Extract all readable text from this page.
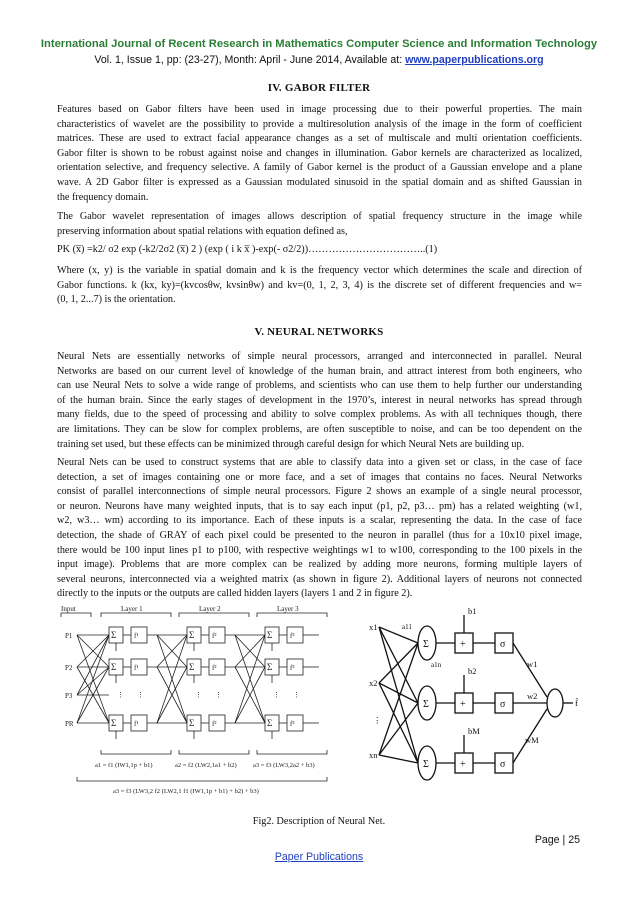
International Journal of Recent Research in Mathematics Computer Science and Information Technology
Vol. 1, Issue 1, pp: (23-27), Month: April - June 2014, Available at: www.paperpublications.org
IV. GABOR FILTER
Features based on Gabor filters have been used in image processing due to their powerful properties. The main
characteristics of wavelet are the possibility to provide a multiresolution analysis of the image in the form of coefficient
matrices. These are used to extract facial appearance changes as a set of multiscale and multi orientation coefficients.
Gabor filter is shown to be robust against noise and changes in illumination. Gabor kernels are characterized as localized,
orientation selective, and frequency selective. A family of Gabor kernel is the product of a Gaussian envelope and a plane
wave. A 2D Gabor filter is expressed as a Gaussian modulated sinusoid in the spatial domain and as shifted Gaussian in
the frequency domain.
The Gabor wavelet representation of images allows description of spatial frequency structure in the image while
preserving information about spatial relations with equation defined as,
PK (x̅) =k2/ σ2 exp (-k2/2σ2 (x̅) 2 ) (exp ( i k x̅ )-exp(- σ2/2))……………………………..(1)
Where (x, y) is the variable in spatial domain and k is the frequency vector which determines the scale and direction of
Gabor functions. k (kx, ky)=(kvcosθw, kvsinθw) and kv=(0, 1, 2, 3, 4) is the discrete set of different frequencies and w=
(0, 1, 2...7) is the orientation.
V. NEURAL NETWORKS
Neural Nets are essentially networks of simple neural processors, arranged and interconnected in parallel. Neural
Networks are based on our current level of knowledge of the human brain, and attract interest from both engineers, who
can use Neural Nets to solve a wide range of problems, and scientists who can use them to help further our understanding
of the human brain. Since the early stages of development in the 1970’s, interest in neural networks has spread through
many fields, due to the speed of processing and ability to solve complex problems. As with all techniques though, there
are limitations. They can be slow for complex problems, are often susceptible to noise, and can be too dependent on the
training set used, but these effects can be minimized through careful design for which Neural Nets are building up.
Neural Nets can be used to construct systems that are able to classify data into a given set or class, in the case of face
detection, a set of images containing one or more face, and a set of images that contains no faces. Neural Networks
consist of parallel interconnections of simple neural processors. Figure 2 shows an example of a single neural processor,
or neuron. Neurons have many weighted inputs, that is to say each input (p1, p2, p3… pm) has a related weighting (w1,
w2, w3… wm) according to its importance. Each of these inputs is a scalar, representing the data. In the case of face
detection, the shade of GRAY of each pixel could be presented to the neuron in parallel (thus for a 10x10 pixel image,
there would be 100 input lines p1 to p100, with respective weightings w1 to w100, corresponding to the 100 pixels in the
input image). Problems that are more complex can be realized by adding more neurons, forming multiple layers of
several neurons, interconnected via a weighted matrix (as shown in figure 2). Additional layers of neurons not connected
directly to the inputs or the outputs are called hidden layers (layers 1 and 2 in figure 2).
Input	Layer 1	Layer 2	Layer 3
P1
P2
P3
PR
Σ
Σ
Σ
Σ
Σ
Σ
Σ
Σ
Σ
f¹
f¹
f¹
f²
f²
f²
f³
f³
f³
⋮ ⋮	⋮ ⋮	⋮ ⋮
a1 = f1 (IW1,1p + b1)	a2 = f2 (LW2,1a1 + b2)	a3 = f3 (LW3,2a2 + b3)
a3 = f3 (LW3,2 f2 (LW2,1 f1 (IW1,1p + b1) + b2) + b3)
x1
x2
xn
⋮
a11
a1n
Σ
Σ
Σ
+
+
+
σ
σ
σ
b1
b2
bM
w1
w2
wM
f̂
Fig2. Description of Neural Net.
Page | 25
Paper Publications
